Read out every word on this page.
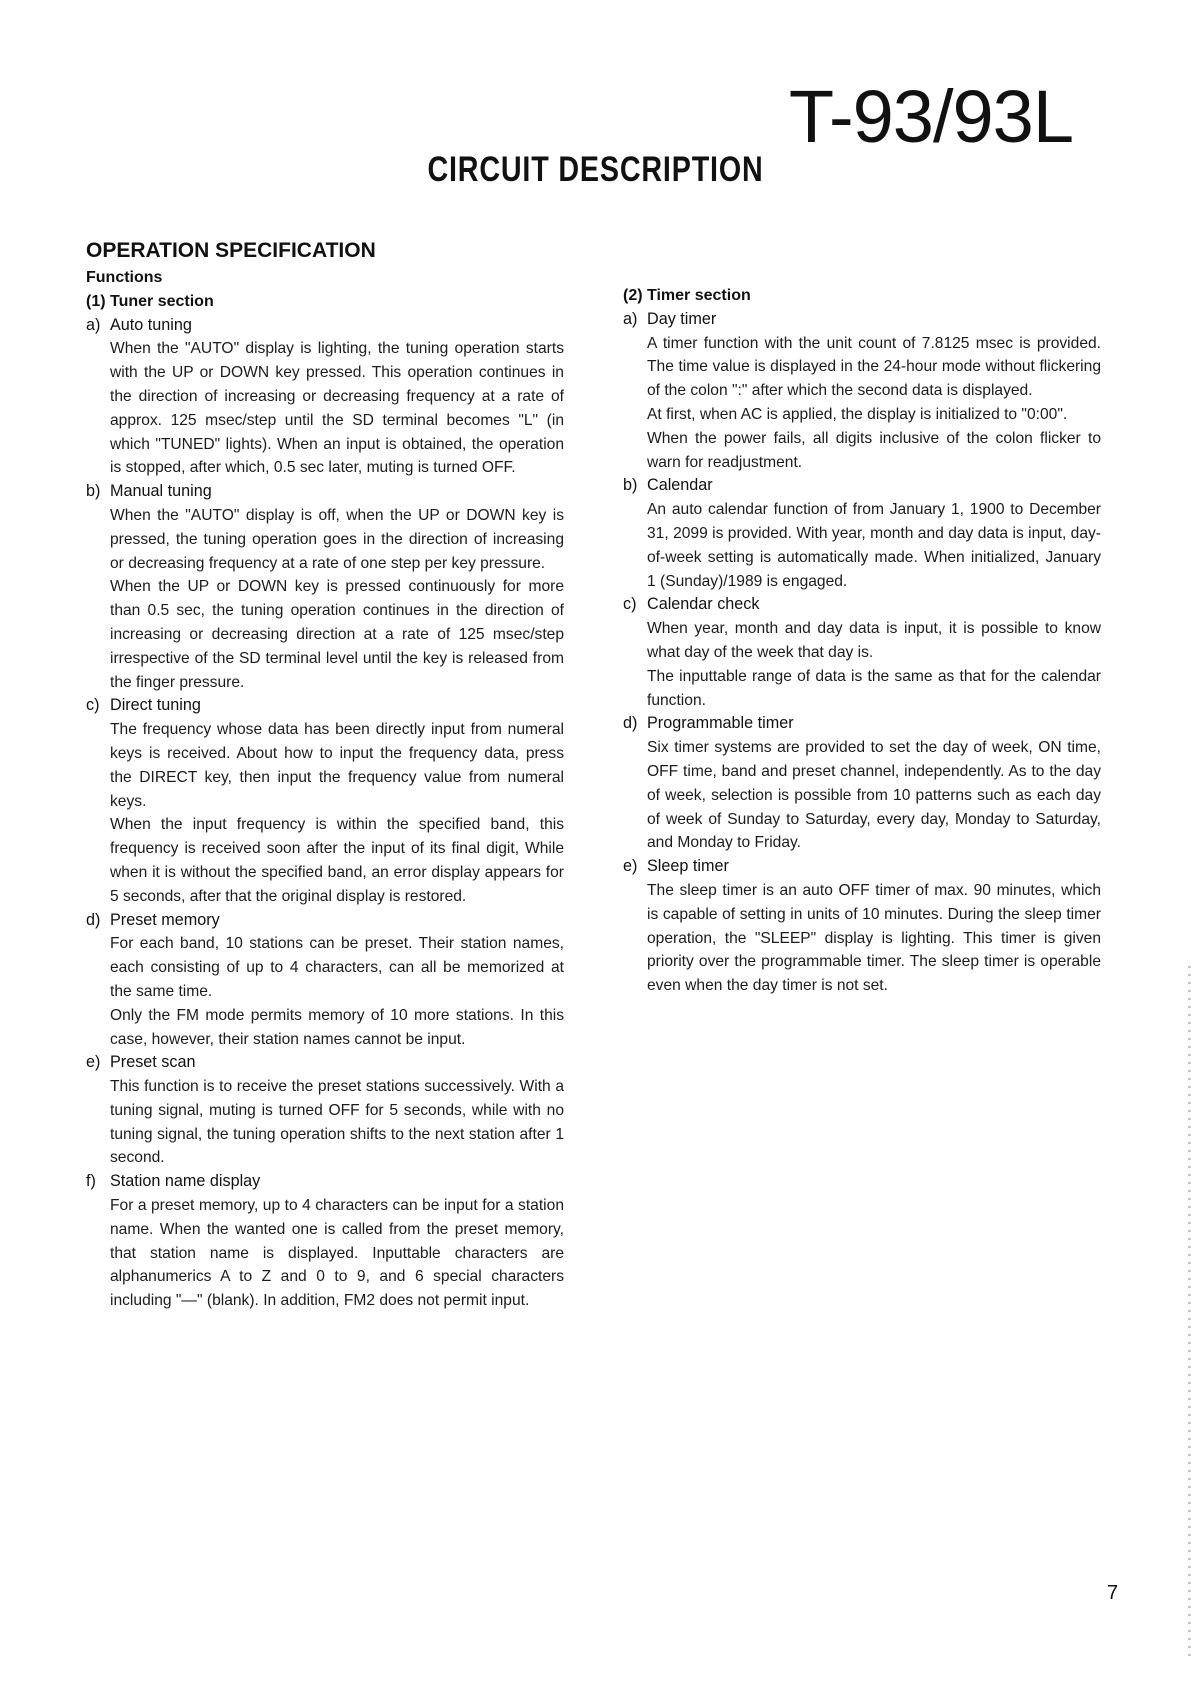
T-93/93L
CIRCUIT DESCRIPTION
OPERATION SPECIFICATION
Functions
(1) Tuner section
a) Auto tuning

When the "AUTO" display is lighting, the tuning operation starts with the UP or DOWN key pressed. This operation continues in the direction of increasing or decreasing frequency at a rate of approx. 125 msec/step until the SD terminal becomes "L" (in which "TUNED" lights). When an input is obtained, the operation is stopped, after which, 0.5 sec later, muting is turned OFF.

b) Manual tuning

When the "AUTO" display is off, when the UP or DOWN key is pressed, the tuning operation goes in the direction of increasing or decreasing frequency at a rate of one step per key pressure.

When the UP or DOWN key is pressed continuously for more than 0.5 sec, the tuning operation continues in the direction of increasing or decreasing direction at a rate of 125 msec/step irrespective of the SD terminal level until the key is released from the finger pressure.

c) Direct tuning

The frequency whose data has been directly input from numeral keys is received. About how to input the frequency data, press the DIRECT key, then input the frequency value from numeral keys.

When the input frequency is within the specified band, this frequency is received soon after the input of its final digit, While when it is without the specified band, an error display appears for 5 seconds, after that the original display is restored.

d) Preset memory

For each band, 10 stations can be preset. Their station names, each consisting of up to 4 characters, can all be memorized at the same time.

Only the FM mode permits memory of 10 more stations. In this case, however, their station names cannot be input.

e) Preset scan

This function is to receive the preset stations successively. With a tuning signal, muting is turned OFF for 5 seconds, while with no tuning signal, the tuning operation shifts to the next station after 1 second.

f) Station name display

For a preset memory, up to 4 characters can be input for a station name. When the wanted one is called from the preset memory, that station name is displayed. Inputtable characters are alphanumerics A to Z and 0 to 9, and 6 special characters including "—" (blank). In addition, FM2 does not permit input.

(2) Timer section
a) Day timer

A timer function with the unit count of 7.8125 msec is provided. The time value is displayed in the 24-hour mode without flickering of the colon ":" after which the second data is displayed.

At first, when AC is applied, the display is initialized to "0:00".

When the power fails, all digits inclusive of the colon flicker to warn for readjustment.

b) Calendar

An auto calendar function of from January 1, 1900 to December 31, 2099 is provided. With year, month and day data is input, day-of-week setting is automatically made. When initialized, January 1 (Sunday)/1989 is engaged.

c) Calendar check

When year, month and day data is input, it is possible to know what day of the week that day is.

The inputtable range of data is the same as that for the calendar function.

d) Programmable timer

Six timer systems are provided to set the day of week, ON time, OFF time, band and preset channel, independently. As to the day of week, selection is possible from 10 patterns such as each day of week of Sunday to Saturday, every day, Monday to Saturday, and Monday to Friday.

e) Sleep timer

The sleep timer is an auto OFF timer of max. 90 minutes, which is capable of setting in units of 10 minutes. During the sleep timer operation, the "SLEEP" display is lighting. This timer is given priority over the programmable timer. The sleep timer is operable even when the day timer is not set.

7
